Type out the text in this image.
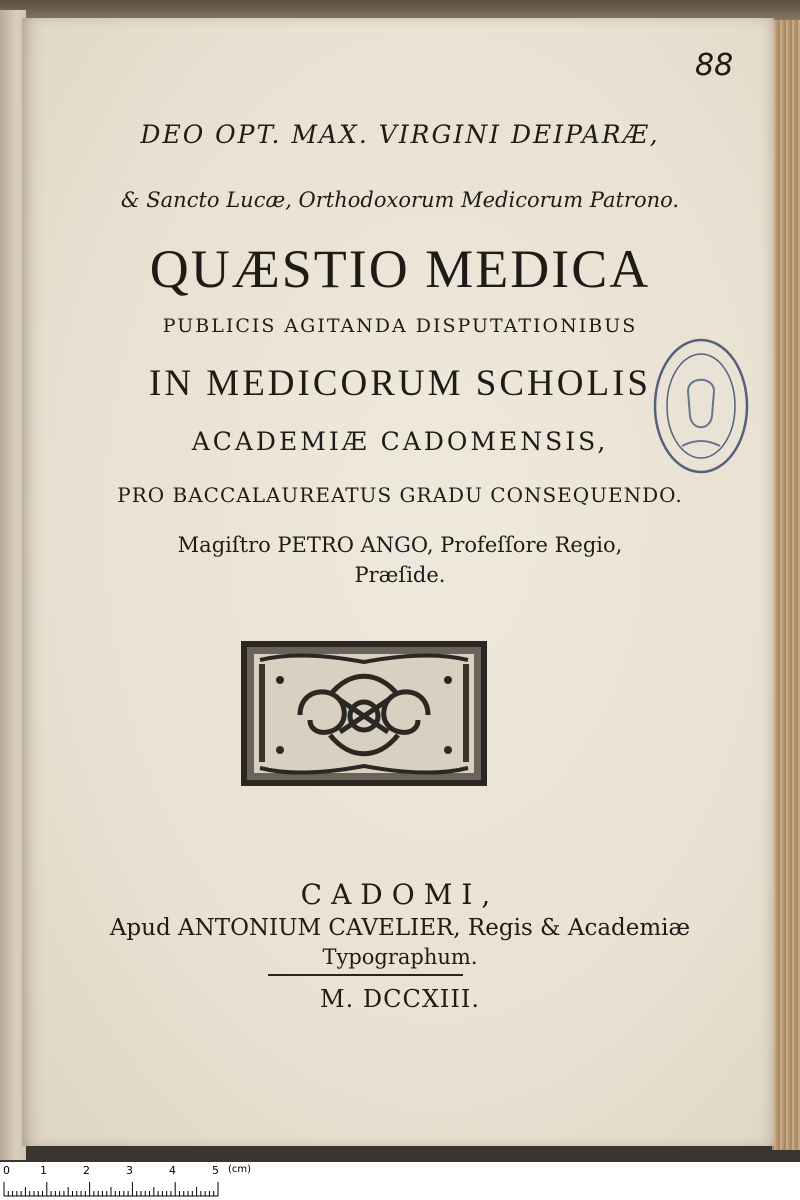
88
DEO OPT. MAX. VIRGINI DEIPARÆ,
& Sancto Lucæ, Orthodoxorum Medicorum Patrono.
QUÆSTIO MEDICA
PUBLICIS AGITANDA DISPUTATIONIBUS
IN MEDICORUM SCHOLIS
ACADEMIÆ CADOMENSIS,
PRO BACCALAUREATUS GRADU CONSEQUENDO.
Magiſtro PETRO ANGO, Profeſſore Regio,
Præſide.
CADOMI,
Apud ANTONIUM CAVELIER, Regis & Academiæ
Typographum.
M. DCCXIII.
0	1	2	3	4	5 (cm)
